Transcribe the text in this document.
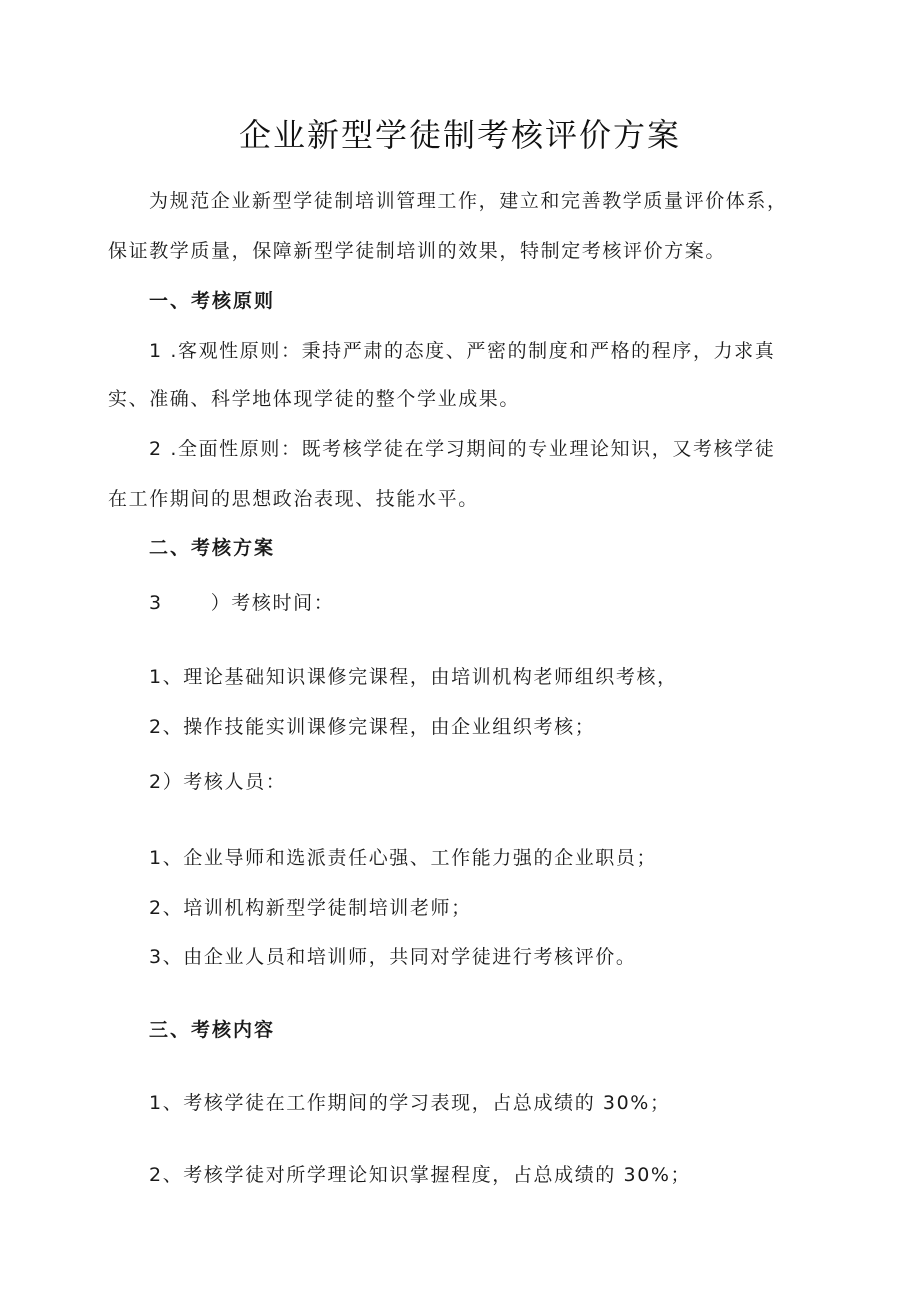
企业新型学徒制考核评价方案
为规范企业新型学徒制培训管理工作，建立和完善教学质量评价体系，
保证教学质量，保障新型学徒制培训的效果，特制定考核评价方案。
一、考核原则
1 .客观性原则：秉持严肃的态度、严密的制度和严格的程序，力求真
实、准确、科学地体现学徒的整个学业成果。
2 .全面性原则：既考核学徒在学习期间的专业理论知识，又考核学徒
在工作期间的思想政治表现、技能水平。
二、考核方案
3	）考核时间：
1、理论基础知识课修完课程，由培训机构老师组织考核，
2、操作技能实训课修完课程，由企业组织考核；
2）考核人员：
1、企业导师和选派责任心强、工作能力强的企业职员；
2、培训机构新型学徒制培训老师；
3、由企业人员和培训师，共同对学徒进行考核评价。
三、考核内容
1、考核学徒在工作期间的学习表现，占总成绩的 30%；
2、考核学徒对所学理论知识掌握程度，占总成绩的 30%；
